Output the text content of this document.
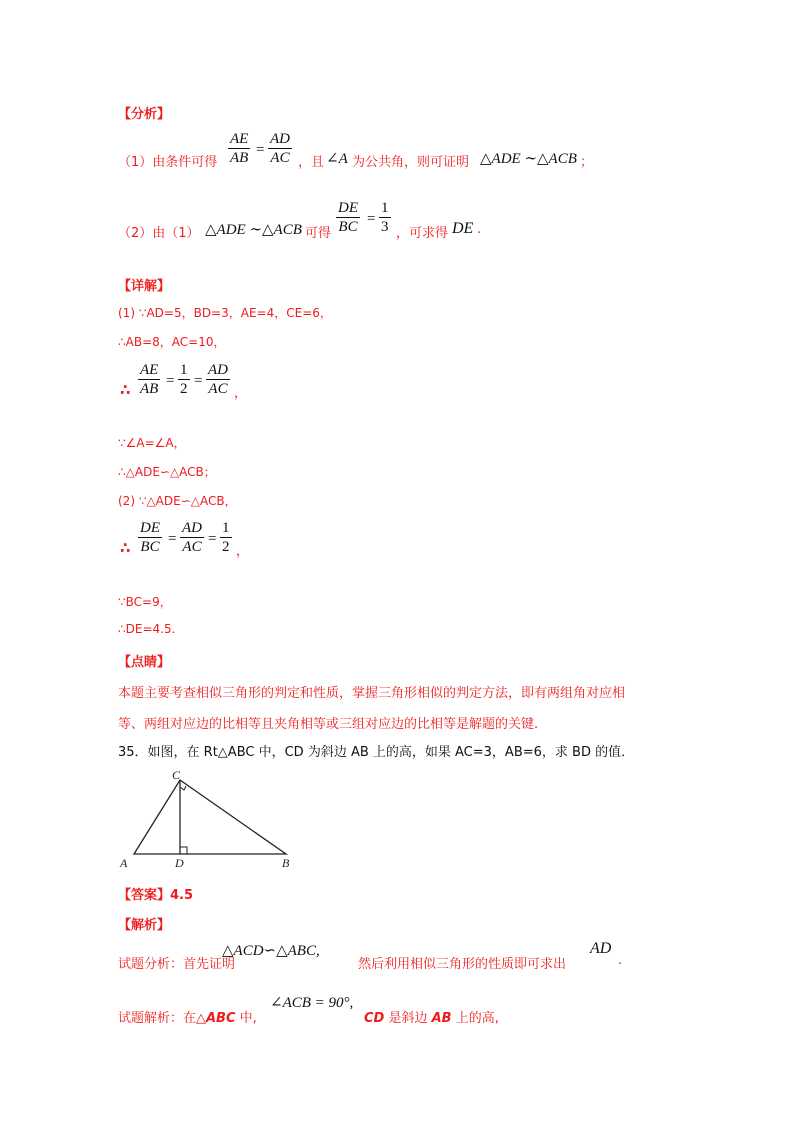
【分析】
（1）由条件可得
AE
AB =
AD
AC ，且 ∠A 为公共角，则可证明 △ADE ∼△ACB ；
（2）由（1） △ADE ∼△ACB 可得
DE
BC =
1
3 ，可求得 DE .
【详解】
(1) ∵AD=5，BD=3，AE=4，CE=6，
∴AB=8，AC=10，
∴
AE
AB =
1
2 =
AD
AC ，
∵∠A=∠A，
∴△ADE∽△ACB；
(2) ∵△ADE∽△ACB，
∴
DE
BC =
AD
AC =
1
2 ，
∵BC=9，
∴DE=4.5.
【点睛】
本题主要考查相似三角形的判定和性质，掌握三角形相似的判定方法，即有两组角对应相
等、两组对应边的比相等且夹角相等或三组对应边的比相等是解题的关键.
35．如图，在 Rt△ABC 中，CD 为斜边 AB 上的高，如果 AC=3，AB=6，求 BD 的值．
C
A	D	B
【答案】4.5
【解析】
试题分析：首先证明
△ACD∽△ABC,
然后利用相似三角形的性质即可求出
AD
.
试题解析：在△ABC 中,
∠ACB = 90°,
CD 是斜边 AB 上的高,
